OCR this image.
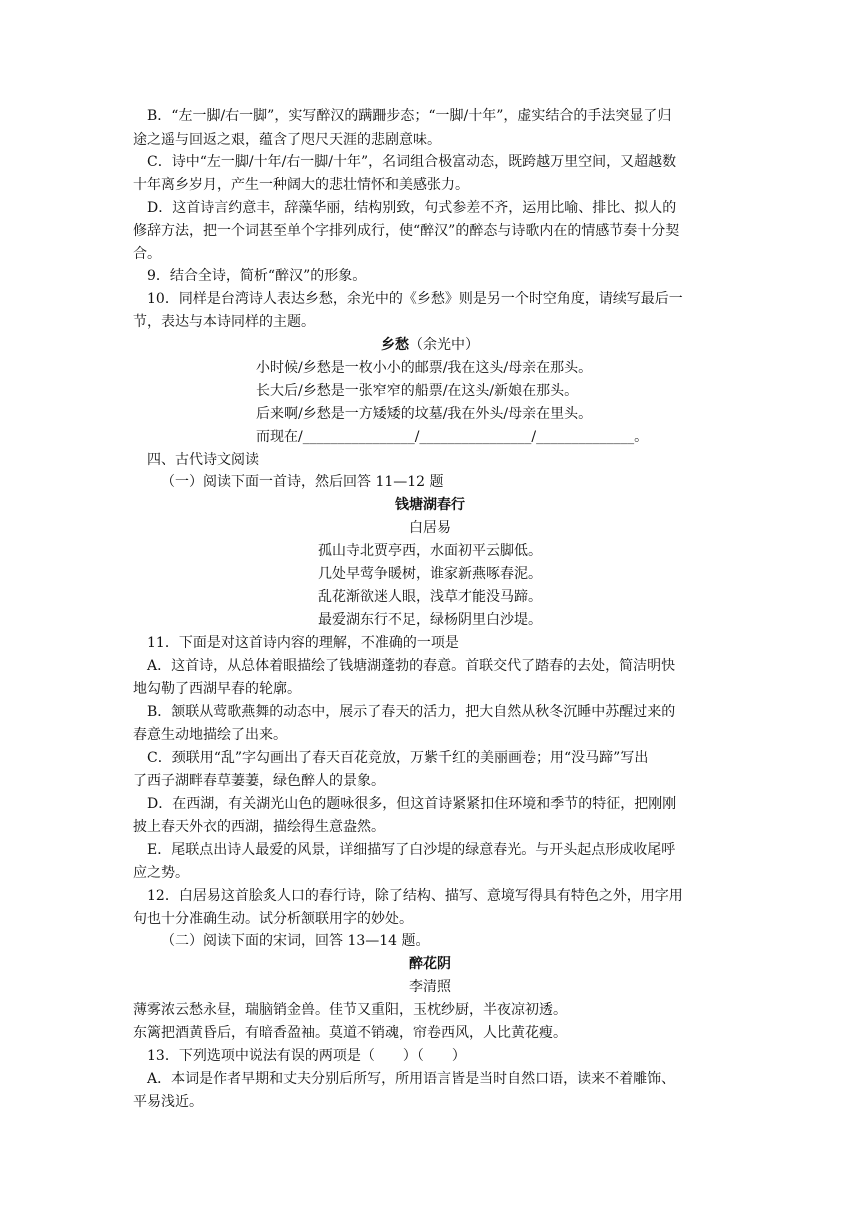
B．“左一脚/右一脚”，实写醉汉的蹒跚步态；“一脚/十年”，虚实结合的手法突显了归
途之遥与回返之艰，蕴含了咫尺天涯的悲剧意味。
C．诗中“左一脚/十年/右一脚/十年”，名词组合极富动态，既跨越万里空间，又超越数
十年离乡岁月，产生一种阔大的悲壮情怀和美感张力。
D．这首诗言约意丰，辞藻华丽，结构别致，句式参差不齐，运用比喻、排比、拟人的
修辞方法，把一个词甚至单个字排列成行，使“醉汉”的醉态与诗歌内在的情感节奏十分契
合。
9．结合全诗，简析“醉汉”的形象。
10．同样是台湾诗人表达乡愁，余光中的《乡愁》则是另一个时空角度，请续写最后一
节，表达与本诗同样的主题。
乡愁（余光中）
小时候/乡愁是一枚小小的邮票/我在这头/母亲在那头。
长大后/乡愁是一张窄窄的船票/在这头/新娘在那头。
后来啊/乡愁是一方矮矮的坟墓/我在外头/母亲在里头。
而现在/________________/________________/______________。
四、古代诗文阅读
（一）阅读下面一首诗，然后回答 11—12 题
钱塘湖春行
白居易
孤山寺北贾亭西，水面初平云脚低。
几处早莺争暖树，谁家新燕啄春泥。
乱花渐欲迷人眼，浅草才能没马蹄。
最爱湖东行不足，绿杨阴里白沙堤。
11．下面是对这首诗内容的理解，不准确的一项是
A．这首诗，从总体着眼描绘了钱塘湖蓬勃的春意。首联交代了踏春的去处，简洁明快
地勾勒了西湖早春的轮廓。
B．颔联从莺歌燕舞的动态中，展示了春天的活力，把大自然从秋冬沉睡中苏醒过来的
春意生动地描绘了出来。
C．颈联用“乱”字勾画出了春天百花竞放，万紫千红的美丽画卷；用“没马蹄”写出
了西子湖畔春草萋萋，绿色醉人的景象。
D．在西湖，有关湖光山色的题咏很多，但这首诗紧紧扣住环境和季节的特征，把刚刚
披上春天外衣的西湖，描绘得生意盎然。
E．尾联点出诗人最爱的风景，详细描写了白沙堤的绿意春光。与开头起点形成收尾呼
应之势。
12．白居易这首脍炙人口的春行诗，除了结构、描写、意境写得具有特色之外，用字用
句也十分准确生动。试分析颔联用字的妙处。
（二）阅读下面的宋词，回答 13—14 题。
醉花阴
李清照
薄雾浓云愁永昼，瑞脑销金兽。佳节又重阳，玉枕纱厨，半夜凉初透。
东篱把酒黄昏后，有暗香盈袖。莫道不销魂，帘卷西风，人比黄花瘦。
13．下列选项中说法有误的两项是（　　）（　　）
A．本词是作者早期和丈夫分别后所写，所用语言皆是当时自然口语，读来不着雕饰、
平易浅近。
